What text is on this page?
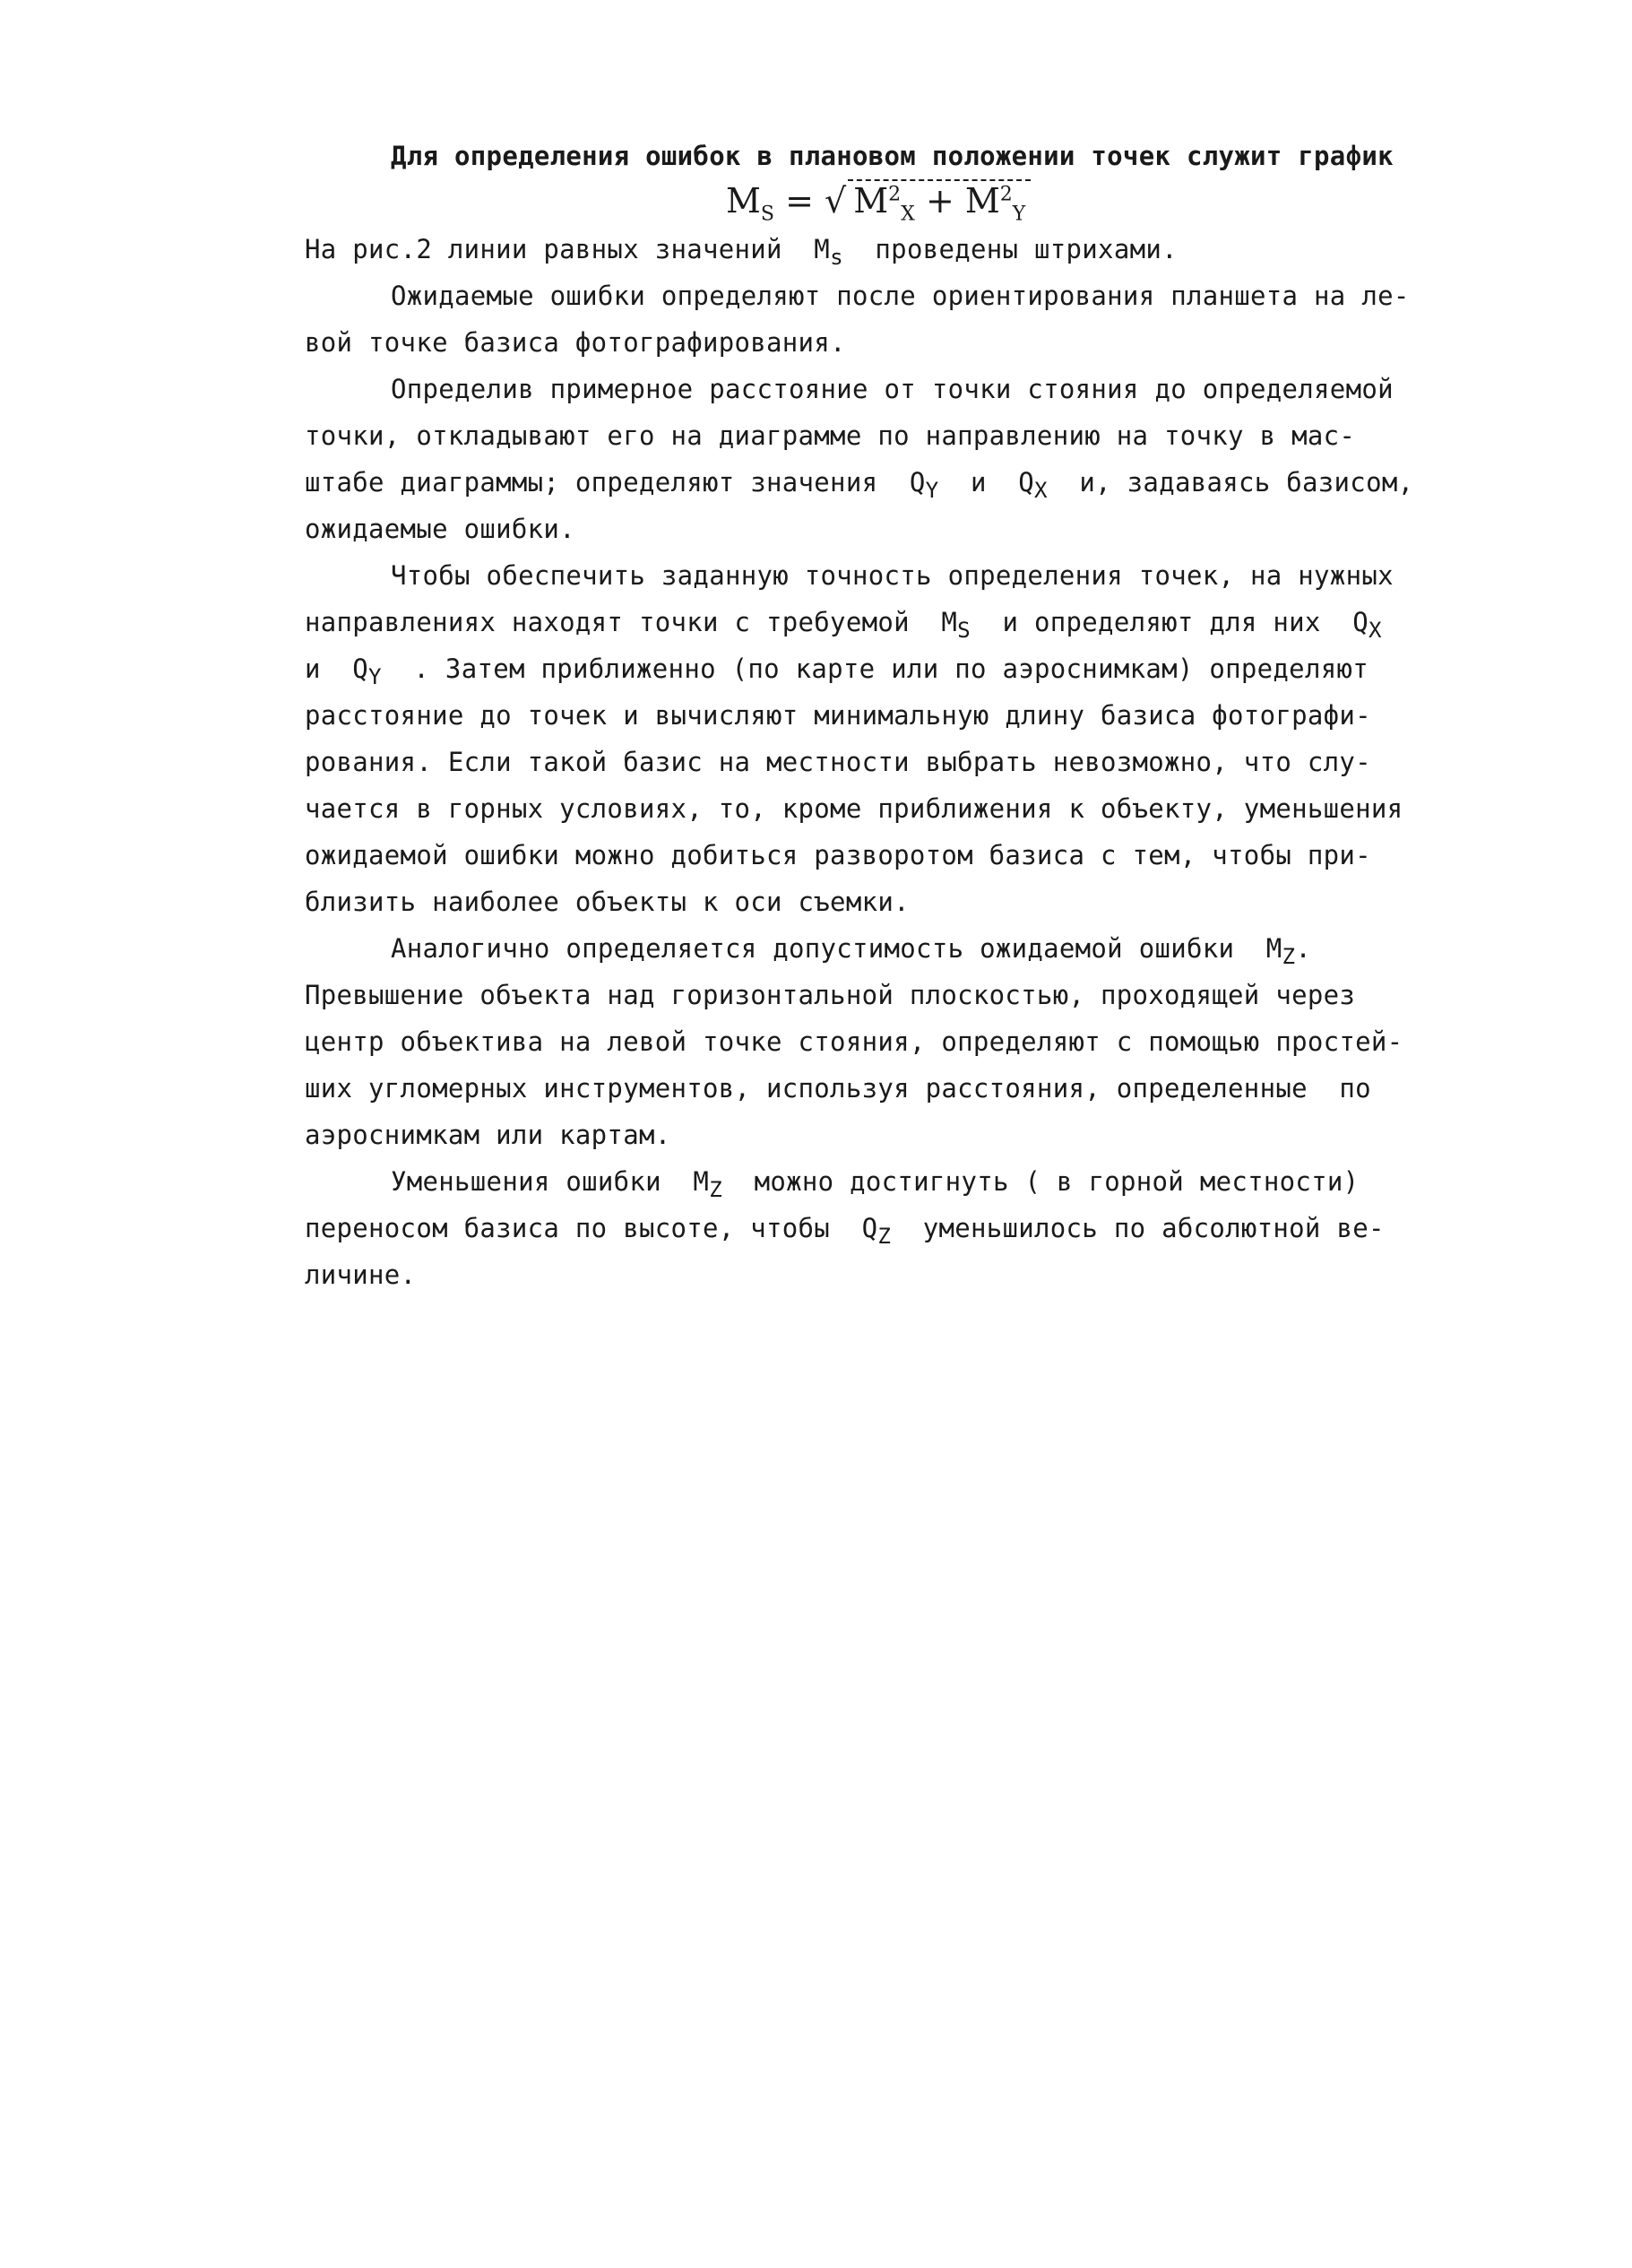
Для определения ошибок в плановом положении точек служит график
На рис.2 линии равных значений  $M_s$  проведены штрихами.
Ожидаемые ошибки определяют после ориентирования планшета на ле-
вой точке базиса фотографирования.
Определив примерное расстояние от точки стояния до определяемой
точки, откладывают его на диаграмме по направлению на точку в мас-
штабе диаграммы; определяют значения  $Q_Y$  и  $Q_X$  и, задаваясь базисом,
ожидаемые ошибки.
Чтобы обеспечить заданную точность определения точек, на нужных
направлениях находят точки с требуемой  $M_S$  и определяют для них  $Q_X$
и  $Q_Y$  . Затем приближенно (по карте или по аэроснимкам) определяют
расстояние до точек и вычисляют минимальную длину базиса фотографи-
рования. Если такой базис на местности выбрать невозможно, что слу-
чается в горных условиях, то, кроме приближения к объекту, уменьшения
ожидаемой ошибки можно добиться разворотом базиса с тем, чтобы при-
близить наиболее объекты к оси съемки.
Аналогично определяется допустимость ожидаемой ошибки  $M_Z$.
Превышение объекта над горизонтальной плоскостью, проходящей через
центр объектива на левой точке стояния, определяют с помощью простей-
ших угломерных инструментов, используя расстояния, определенные  по
аэроснимкам или картам.
Уменьшения ошибки  $M_Z$  можно достигнуть ( в горной местности)
переносом базиса по высоте, чтобы  $Q_Z$  уменьшилось по абсолютной ве-
личине.
$M_S$ = √ $M^2_X + M^2_Y$
